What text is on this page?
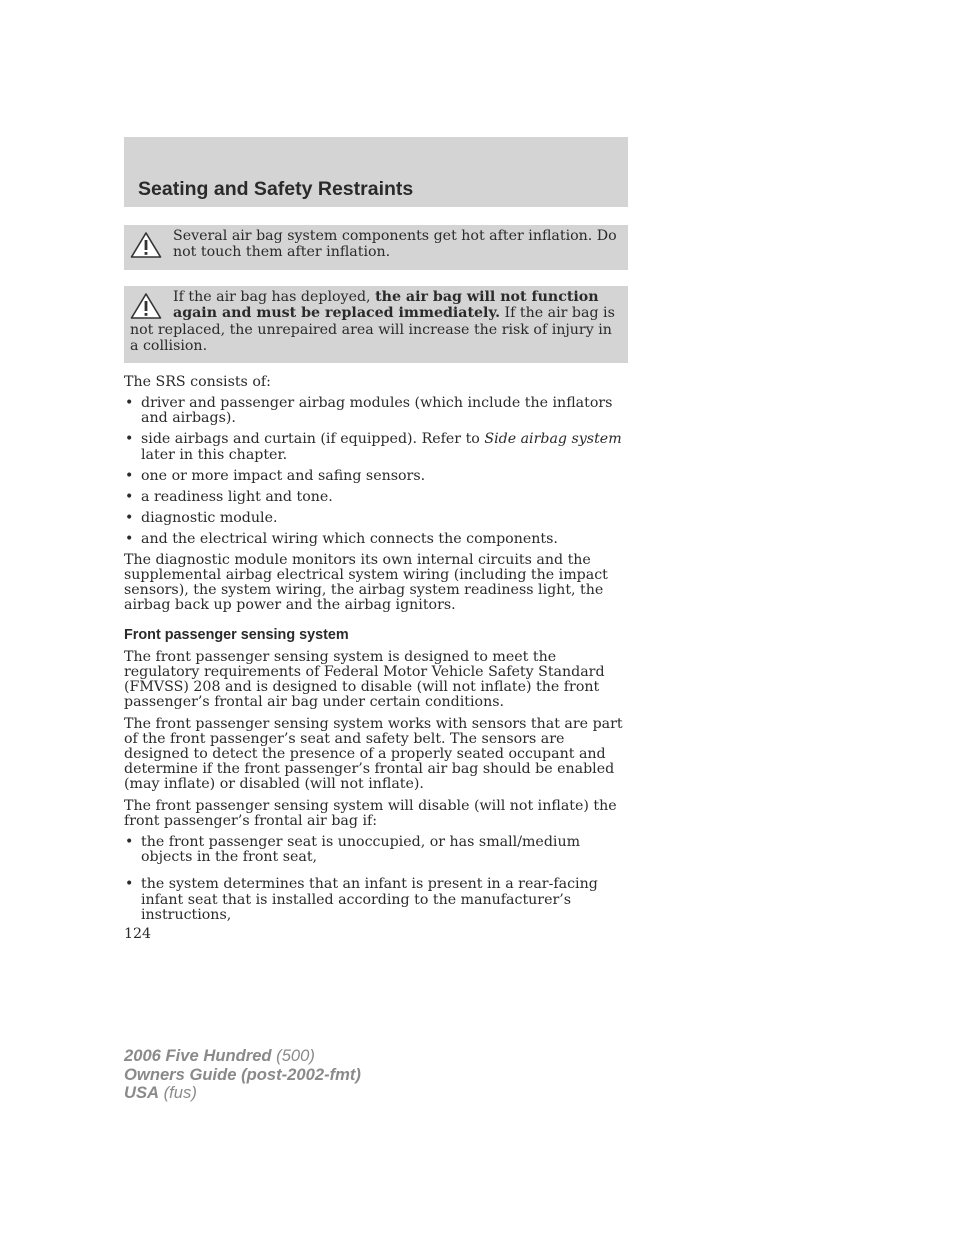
Seating and Safety Restraints
Several air bag system components get hot after inflation. Do not touch them after inflation.
If the air bag has deployed, the air bag will not function again and must be replaced immediately. If the air bag is not replaced, the unrepaired area will increase the risk of injury in a collision.

The SRS consists of:

• driver and passenger airbag modules (which include the inflators and airbags).
• side airbags and curtain (if equipped). Refer to Side airbag system later in this chapter.
• one or more impact and safing sensors.
• a readiness light and tone.
• diagnostic module.
• and the electrical wiring which connects the components.

The diagnostic module monitors its own internal circuits and the supplemental airbag electrical system wiring (including the impact sensors), the system wiring, the airbag system readiness light, the airbag back up power and the airbag ignitors.

Front passenger sensing system

The front passenger sensing system is designed to meet the regulatory requirements of Federal Motor Vehicle Safety Standard (FMVSS) 208 and is designed to disable (will not inflate) the front passenger’s frontal air bag under certain conditions.

The front passenger sensing system works with sensors that are part of the front passenger’s seat and safety belt. The sensors are designed to detect the presence of a properly seated occupant and determine if the front passenger’s frontal air bag should be enabled (may inflate) or disabled (will not inflate).

The front passenger sensing system will disable (will not inflate) the front passenger’s frontal air bag if:

• the front passenger seat is unoccupied, or has small/medium objects in the front seat,
• the system determines that an infant is present in a rear-facing infant seat that is installed according to the manufacturer’s instructions,
124
2006 Five Hundred (500)
Owners Guide (post-2002-fmt)
USA (fus)
